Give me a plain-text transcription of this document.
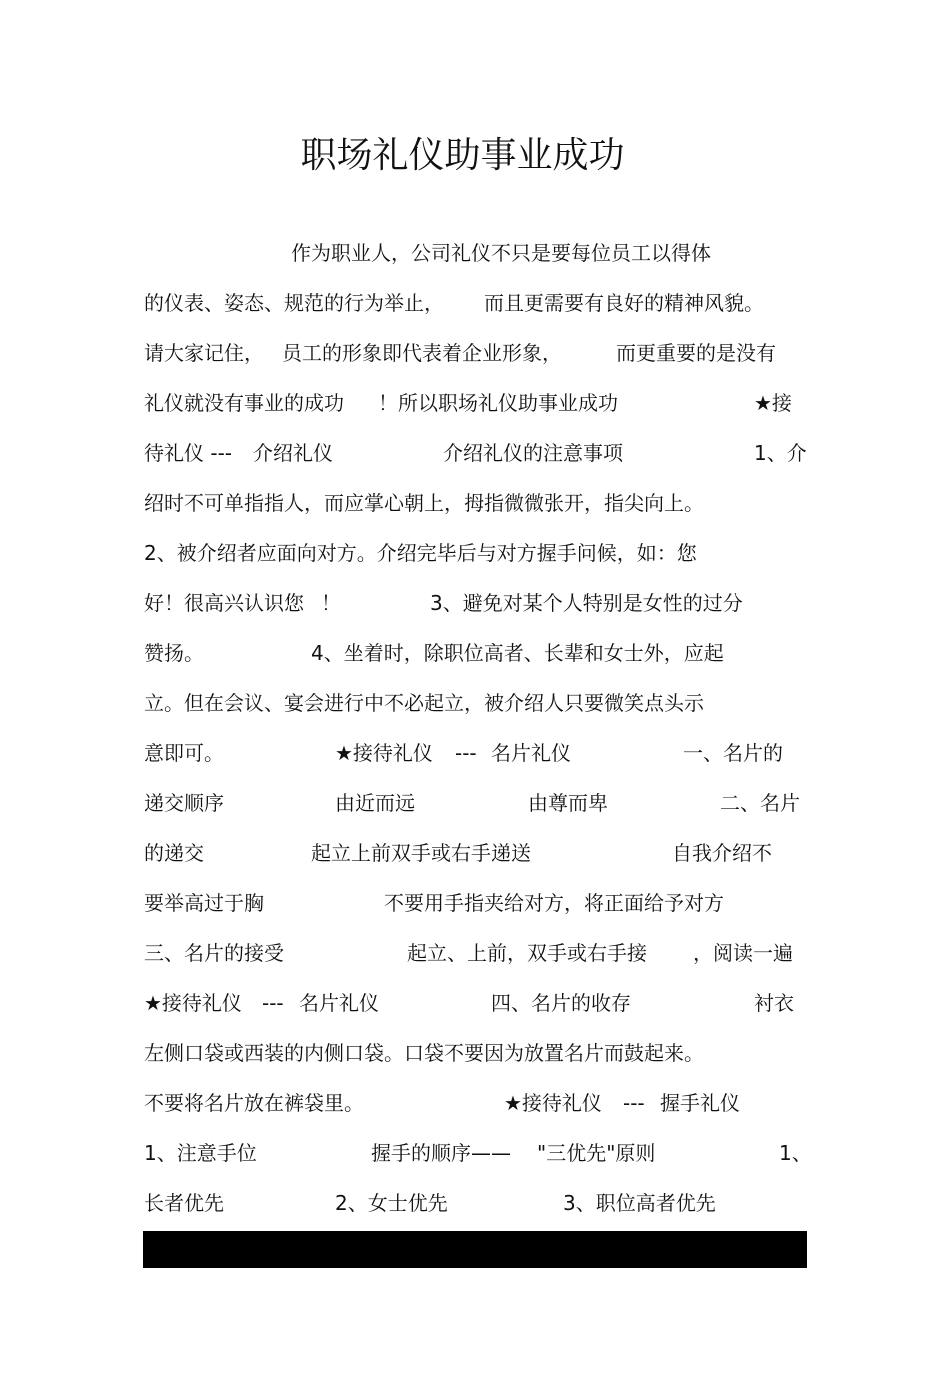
职场礼仪助事业成功

作为职业人，公司礼仪不只是要每位员工以得体

的仪表、姿态、规范的行为举止，

而且更需要有良好的精神风貌。

请大家记住，

员工的形象即代表着企业形象，

	而更重要的是没有

礼仪就没有事业的成功

！所以职场礼仪助事业成功

	★接

待礼仪 ---

介绍礼仪

	介绍礼仪的注意事项

	1、介

绍时不可单指指人，而应掌心朝上，拇指微微张开，指尖向上。

2、被介绍者应面向对方。介绍完毕后与对方握手问候，如：您

好！很高兴认识您

！

	3、避免对某个人特别是女性的过分

赞扬。

	4、坐着时，除职位高者、长辈和女士外，应起

立。但在会议、宴会进行中不必起立，被介绍人只要微笑点头示

意即可。

	★接待礼仪

---

名片礼仪

	一、名片的

递交顺序

	由近而远

	由尊而卑

	二、名片

的递交

	起立上前双手或右手递送

	自我介绍不

要举高过于胸

	不要用手指夹给对方，将正面给予对方

三、名片的接受

	起立、上前，双手或右手接

，阅读一遍

★接待礼仪

---

名片礼仪

	四、名片的收存

	衬衣

左侧口袋或西装的内侧口袋。口袋不要因为放置名片而鼓起来。

不要将名片放在裤袋里。

	★接待礼仪

---

握手礼仪

1、注意手位

	握手的顺序——

"三优先"原则

	1、

长者优先

	2、女士优先

	3、职位高者优先
